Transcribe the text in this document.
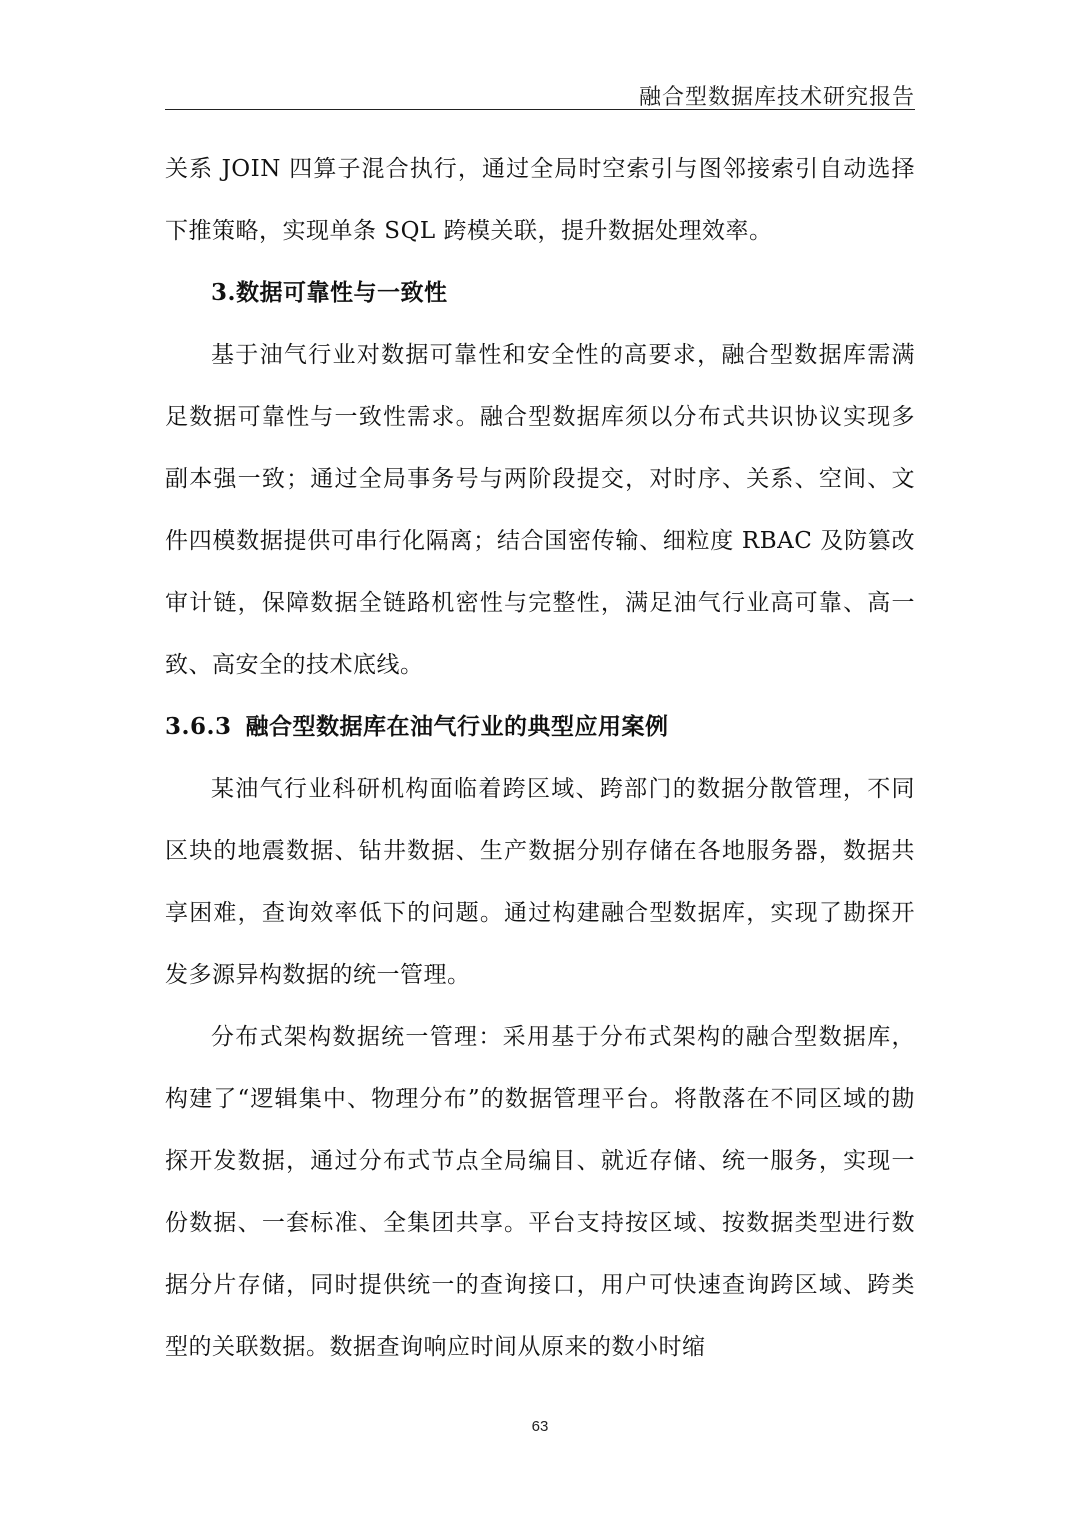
融合型数据库技术研究报告

关系 JOIN 四算子混合执行，通过全局时空索引与图邻接索引自动选择下推策略，实现单条 SQL 跨模关联，提升数据处理效率。

3.数据可靠性与一致性

基于油气行业对数据可靠性和安全性的高要求，融合型数据库需满足数据可靠性与一致性需求。融合型数据库须以分布式共识协议实现多副本强一致；通过全局事务号与两阶段提交，对时序、关系、空间、文件四模数据提供可串行化隔离；结合国密传输、细粒度 RBAC 及防篡改审计链，保障数据全链路机密性与完整性，满足油气行业高可靠、高一致、高安全的技术底线。

3.6.3 融合型数据库在油气行业的典型应用案例

某油气行业科研机构面临着跨区域、跨部门的数据分散管理，不同区块的地震数据、钻井数据、生产数据分别存储在各地服务器，数据共享困难，查询效率低下的问题。通过构建融合型数据库，实现了勘探开发多源异构数据的统一管理。

分布式架构数据统一管理：采用基于分布式架构的融合型数据库，构建了“逻辑集中、物理分布”的数据管理平台。将散落在不同区域的勘探开发数据，通过分布式节点全局编目、就近存储、统一服务，实现一份数据、一套标准、全集团共享。平台支持按区域、按数据类型进行数据分片存储，同时提供统一的查询接口，用户可快速查询跨区域、跨类型的关联数据。数据查询响应时间从原来的数小时缩

63
